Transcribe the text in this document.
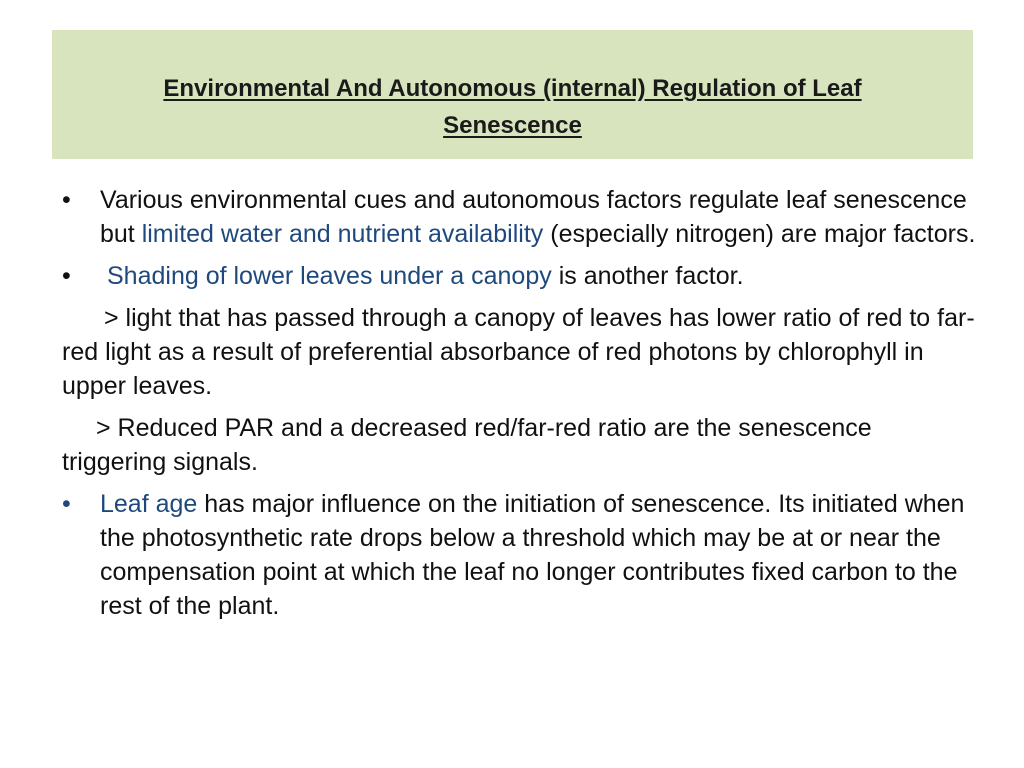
Environmental And Autonomous (internal) Regulation of Leaf
Senescence

•	Various environmental cues and autonomous factors regulate leaf senescence but limited water and nutrient availability (especially nitrogen) are major factors.

•	Shading of lower leaves under a canopy is another factor.

> light that has passed through a canopy of leaves has lower ratio of red to far-red light as a result of preferential absorbance of red photons by chlorophyll in upper leaves.

> Reduced PAR and a decreased red/far-red ratio are the senescence triggering signals.

•	Leaf age has major influence on the initiation of senescence. Its initiated when the photosynthetic rate drops below a threshold which may be at or near the compensation point at which the leaf no longer contributes fixed carbon to the rest of the plant.
